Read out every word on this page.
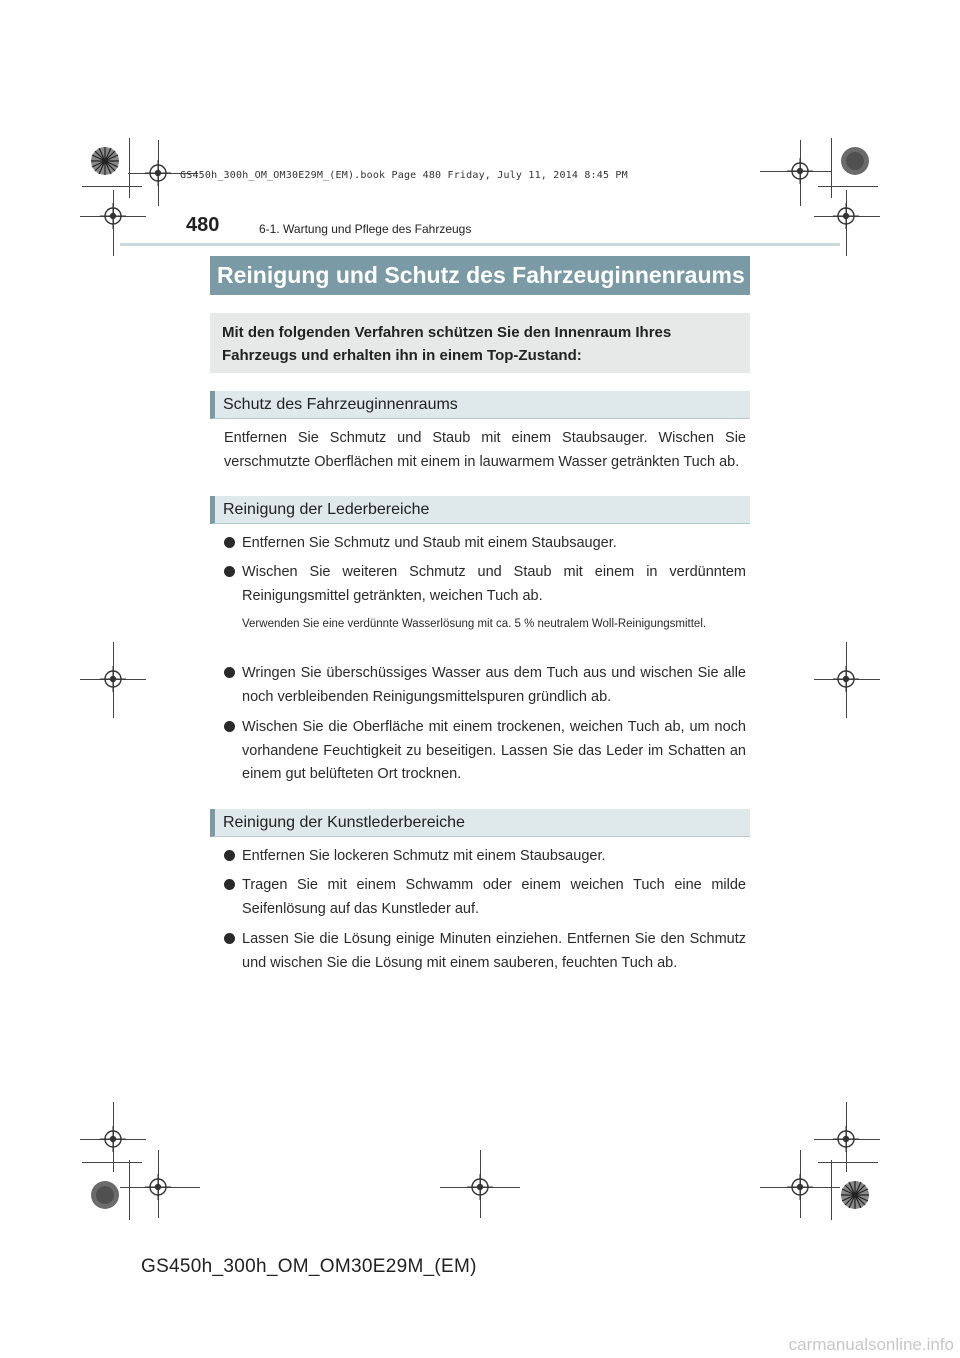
GS450h_300h_OM_OM30E29M_(EM).book Page 480 Friday, July 11, 2014 8:45 PM
480	6-1. Wartung und Pflege des Fahrzeugs
Reinigung und Schutz des Fahrzeuginnenraums
Mit den folgenden Verfahren schützen Sie den Innenraum Ihres Fahrzeugs und erhalten ihn in einem Top-Zustand:
Schutz des Fahrzeuginnenraums
Entfernen Sie Schmutz und Staub mit einem Staubsauger. Wischen Sie verschmutzte Oberflächen mit einem in lauwarmem Wasser getränkten Tuch ab.
Reinigung der Lederbereiche
Entfernen Sie Schmutz und Staub mit einem Staubsauger.
Wischen Sie weiteren Schmutz und Staub mit einem in verdünntem Reinigungsmittel getränkten, weichen Tuch ab.
Verwenden Sie eine verdünnte Wasserlösung mit ca. 5 % neutralem Woll-Reinigungsmittel.
Wringen Sie überschüssiges Wasser aus dem Tuch aus und wischen Sie alle noch verbleibenden Reinigungsmittelspuren gründlich ab.
Wischen Sie die Oberfläche mit einem trockenen, weichen Tuch ab, um noch vorhandene Feuchtigkeit zu beseitigen. Lassen Sie das Leder im Schatten an einem gut belüfteten Ort trocknen.
Reinigung der Kunstlederbereiche
Entfernen Sie lockeren Schmutz mit einem Staubsauger.
Tragen Sie mit einem Schwamm oder einem weichen Tuch eine milde Seifenlösung auf das Kunstleder auf.
Lassen Sie die Lösung einige Minuten einziehen. Entfernen Sie den Schmutz und wischen Sie die Lösung mit einem sauberen, feuchten Tuch ab.
GS450h_300h_OM_OM30E29M_(EM)
carmanualsonline.info
